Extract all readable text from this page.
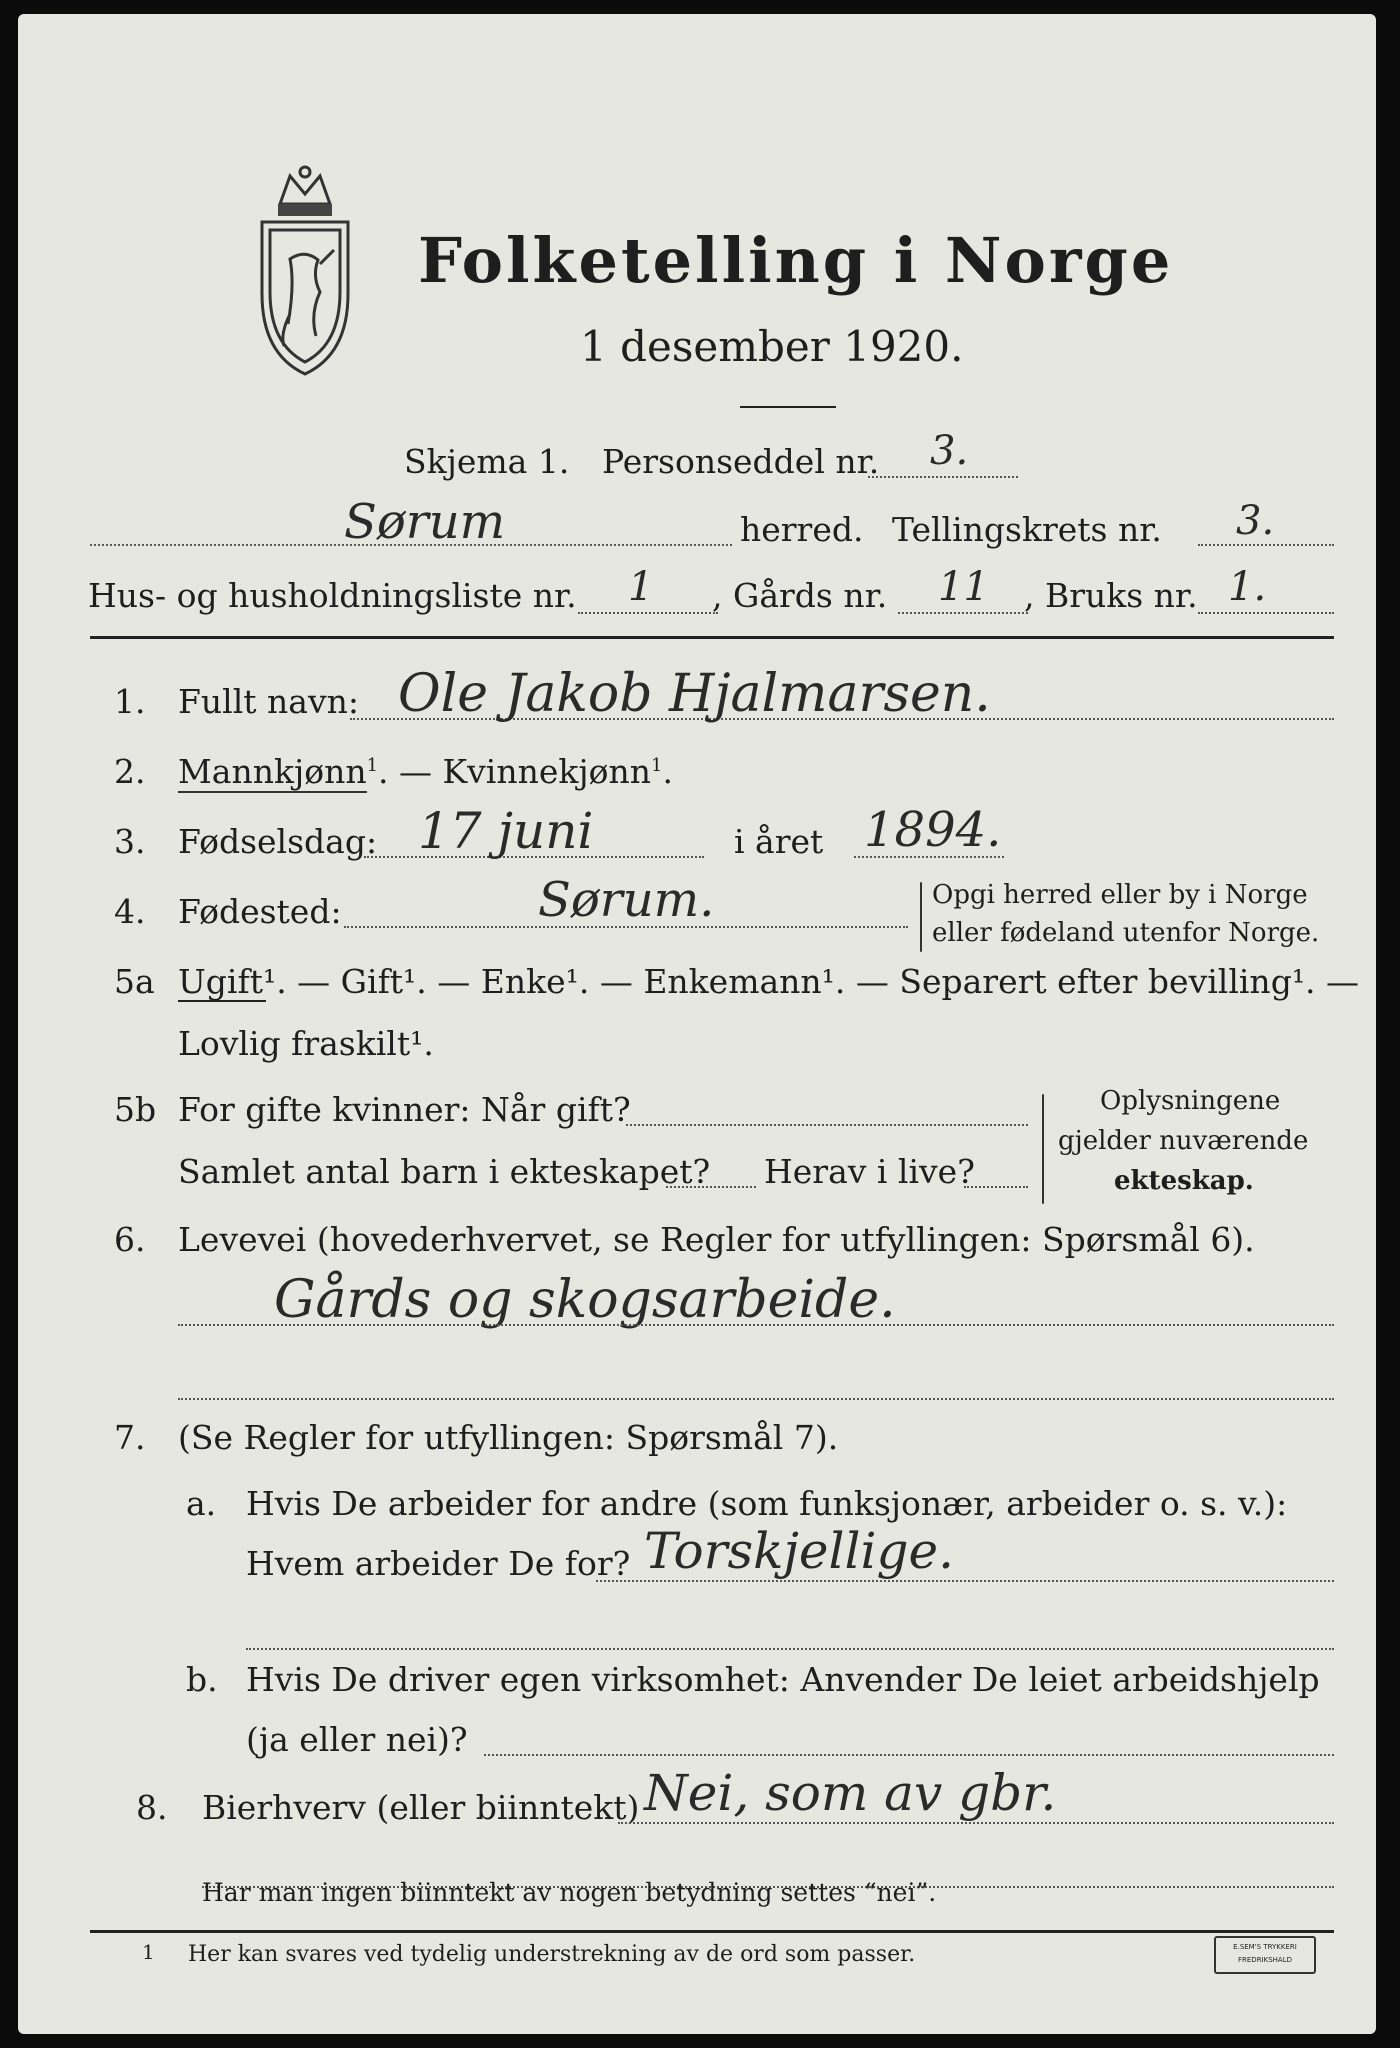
Folketelling i Norge
1 desember 1920.
Skjema 1. Personseddel nr. 3.
Sørum	herred. Tellingskrets nr. 3.
Hus- og husholdningsliste nr. 1 , Gårds nr. 11 , Bruks nr. 1.
1. Fullt navn: Ole Jakob Hjalmarsen.
2. Mannkjønn$^1$. — Kvinnekjønn$^1$.
3. Fødselsdag: 17 juni	i året 1894.
4. Fødested:	Sørum.	Opgi herred eller by i Norge
eller fødeland utenfor Norge.
5a Ugift¹. — Gift¹. — Enke¹. — Enkemann¹. — Separert efter bevilling¹. —
Lovlig fraskilt¹.
5b For gifte kvinner: Når gift?
Samlet antal barn i ekteskapet? Herav i live?
Oplysningene
gjelder nuværende
ekteskap.
6. Levevei (hovederhvervet, se Regler for utfyllingen: Spørsmål 6).
Gårds og skogsarbeide.
7. (Se Regler for utfyllingen: Spørsmål 7).
a. Hvis De arbeider for andre (som funksjonær, arbeider o. s. v.):
Hvem arbeider De for? Torskjellige.
b. Hvis De driver egen virksomhet: Anvender De leiet arbeidshjelp
(ja eller nei)?
8. Bierhverv (eller biinntekt) Nei, som av gbr.
Har man ingen biinntekt av nogen betydning settes “nei”.
1 Her kan svares ved tydelig understrekning av de ord som passer.	E.SEM'S TRYKKERI
FREDRIKSHALD
